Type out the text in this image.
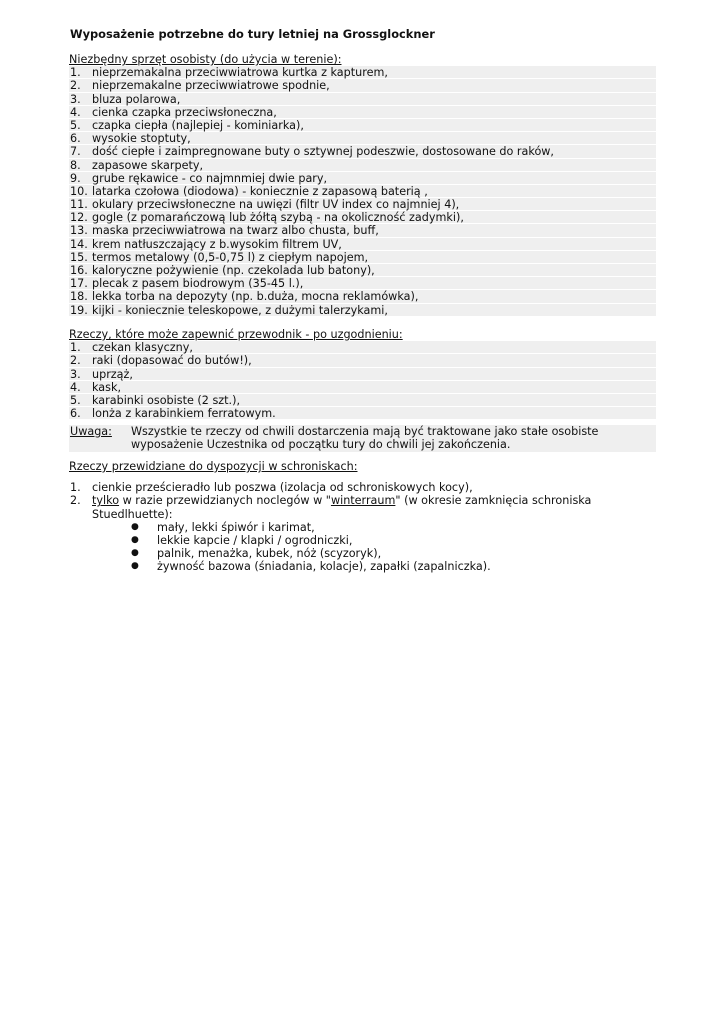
Wyposażenie potrzebne do tury letniej na Grossglockner
Niezbędny sprzęt osobisty (do użycia w terenie):
1.	nieprzemakalna przeciwwiatrowa kurtka z kapturem,
2.	nieprzemakalne przeciwwiatrowe spodnie,
3.	bluza polarowa,
4.	cienka czapka przeciwsłoneczna,
5.	czapka ciepła (najlepiej - kominiarka),
6.	wysokie stoptuty,
7.	dość ciepłe i zaimpregnowane buty o sztywnej podeszwie, dostosowane do raków,
8.	zapasowe skarpety,
9.	grube rękawice - co najmnmiej dwie pary,
10. latarka czołowa (diodowa) - koniecznie z zapasową baterią ,
11. okulary przeciwsłoneczne na uwięzi (filtr UV index co najmniej 4),
12. gogle (z pomarańczową lub żółtą szybą - na okoliczność zadymki),
13. maska przeciwwiatrowa na twarz albo chusta, buff,
14. krem natłuszczający z b.wysokim filtrem UV,
15. termos metalowy (0,5-0,75 l) z ciepłym napojem,
16. kaloryczne pożywienie (np. czekolada lub batony),
17. plecak z pasem biodrowym (35-45 l.),
18. lekka torba na depozyty (np. b.duża, mocna reklamówka),
19. kijki - koniecznie teleskopowe, z dużymi talerzykami,
Rzeczy, które może zapewnić przewodnik - po uzgodnieniu:
1.	czekan klasyczny,
2.	raki (dopasować do butów!),
3.	uprząż,
4.	kask,
5.	karabinki osobiste (2 szt.),
6.	lonża z karabinkiem ferratowym.
Uwaga:	Wszystkie te rzeczy od chwili dostarczenia mają być traktowane jako stałe osobiste
wyposażenie Uczestnika od początku tury do chwili jej zakończenia.
Rzeczy przewidziane do dyspozycji w schroniskach:
1.	cienkie prześcieradło lub poszwa (izolacja od schroniskowych kocy),
2.	tylko w razie przewidzianych noclegów w "winterraum" (w okresie zamknięcia schroniska Stuedlhuette):
●	mały, lekki śpiwór i karimat,
●	lekkie kapcie / klapki / ogrodniczki,
●	palnik, menażka, kubek, nóż (scyzoryk),
●	żywność bazowa (śniadania, kolacje), zapałki (zapalniczka).
